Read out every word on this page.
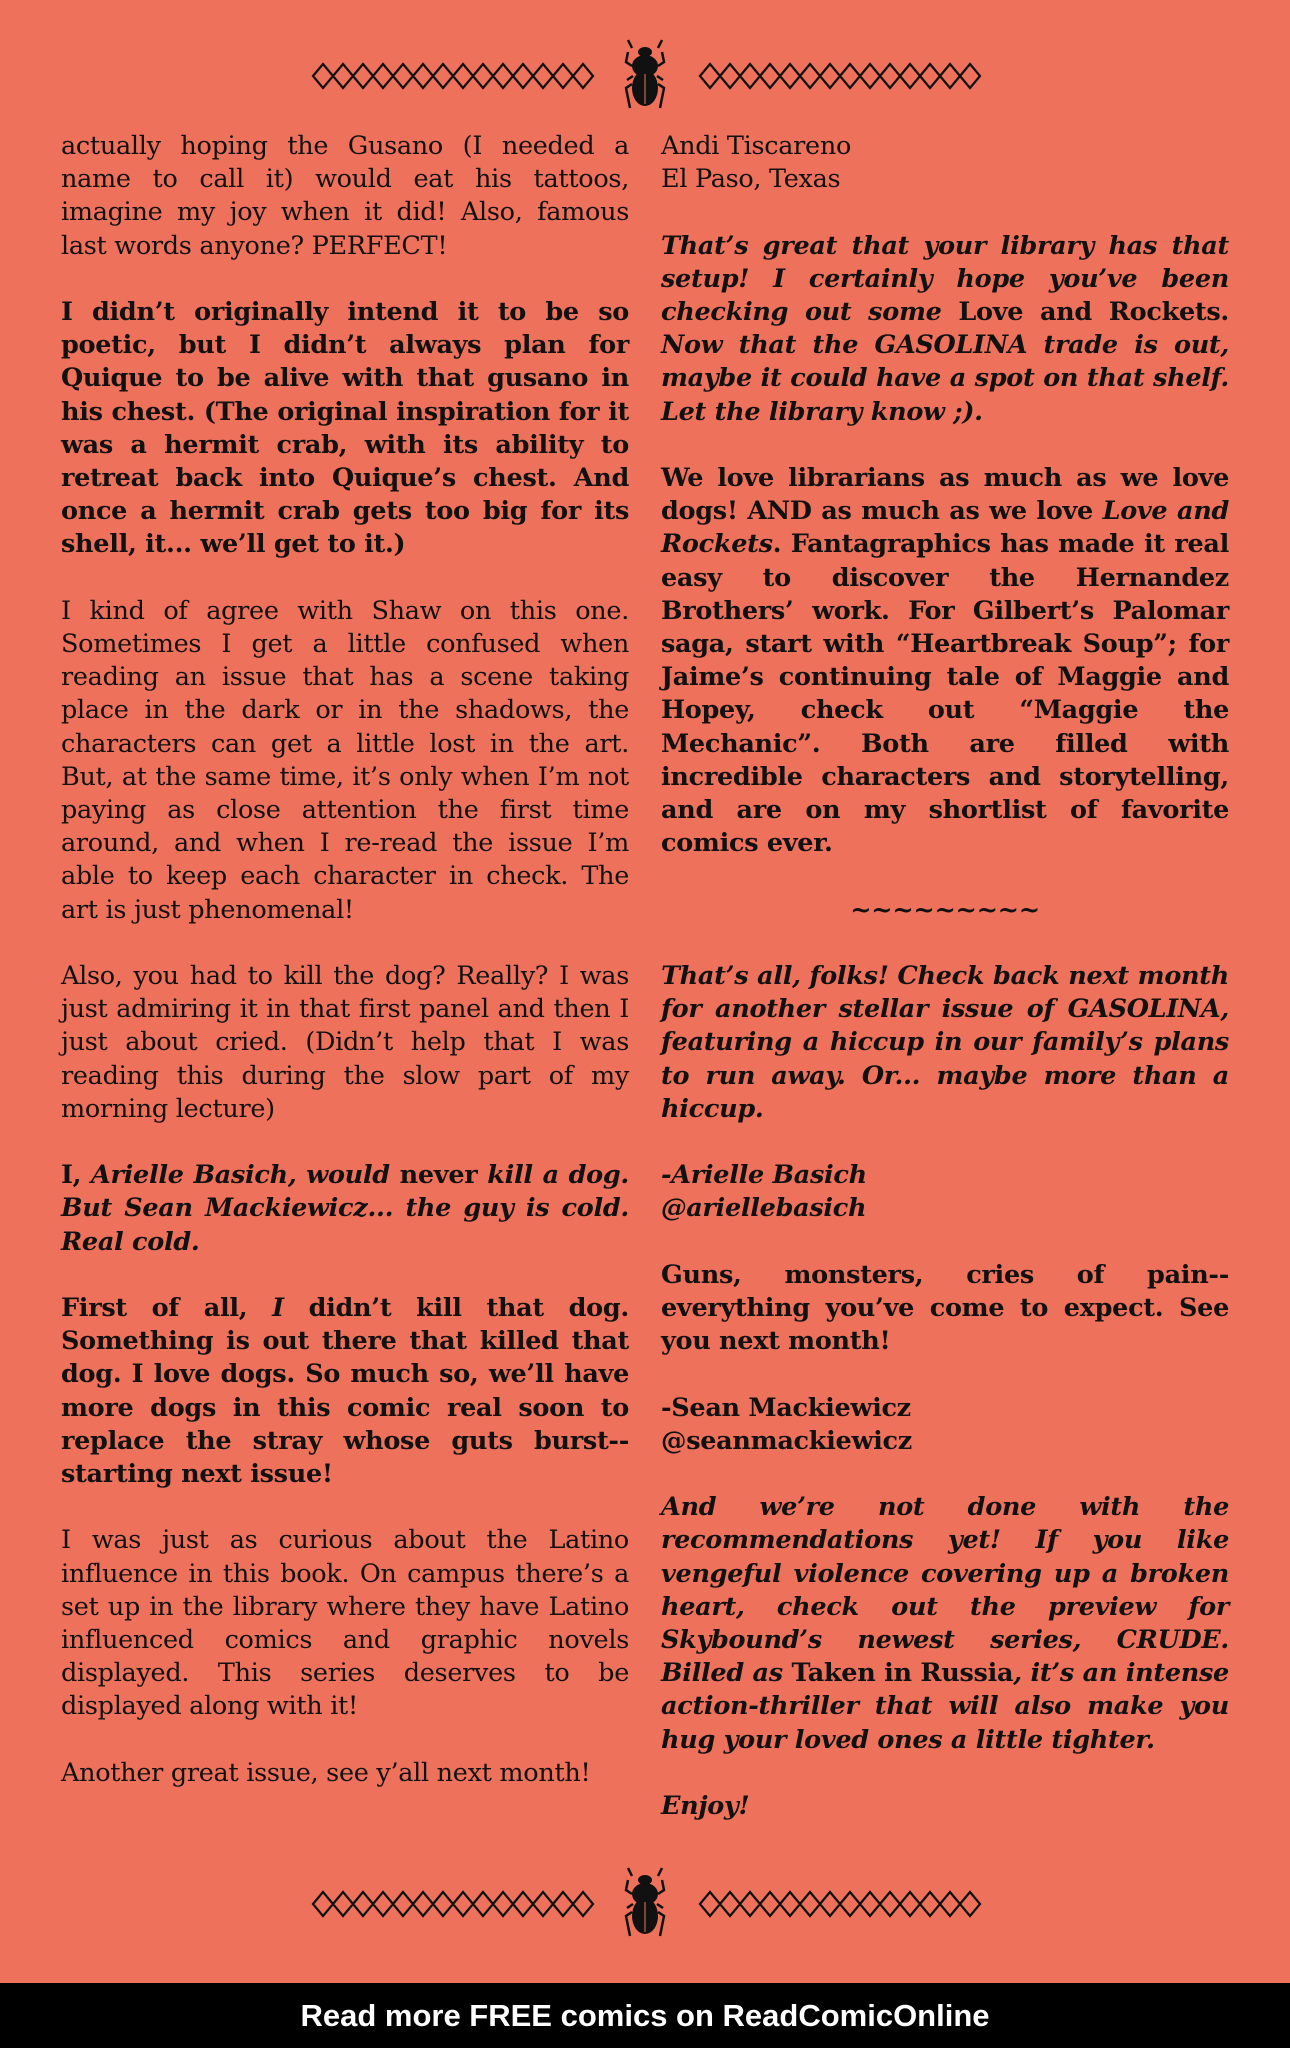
actually hoping the Gusano (I needed a name to call it) would eat his tattoos, imagine my joy when it did! Also, famous last words anyone? PERFECT!

I didn’t originally intend it to be so poetic, but I didn’t always plan for Quique to be alive with that gusano in his chest. (The original inspiration for it was a hermit crab, with its ability to retreat back into Quique’s chest. And once a hermit crab gets too big for its shell, it... we’ll get to it.)

I kind of agree with Shaw on this one. Sometimes I get a little confused when reading an issue that has a scene taking place in the dark or in the shadows, the characters can get a little lost in the art. But, at the same time, it’s only when I’m not paying as close attention the first time around, and when I re-read the issue I’m able to keep each character in check. The art is just phenomenal!

Also, you had to kill the dog? Really? I was just admiring it in that first panel and then I just about cried. (Didn’t help that I was reading this during the slow part of my morning lecture)

I, Arielle Basich, would never kill a dog. But Sean Mackiewicz... the guy is cold. Real cold.

First of all, I didn’t kill that dog. Something is out there that killed that dog. I love dogs. So much so, we’ll have more dogs in this comic real soon to replace the stray whose guts burst--starting next issue!

I was just as curious about the Latino influence in this book. On campus there’s a set up in the library where they have Latino influenced comics and graphic novels displayed. This series deserves to be displayed along with it!

Another great issue, see y’all next month!

Andi Tiscareno
El Paso, Texas

That’s great that your library has that setup! I certainly hope you’ve been checking out some Love and Rockets. Now that the GASOLINA trade is out, maybe it could have a spot on that shelf. Let the library know ;).

We love librarians as much as we love dogs! AND as much as we love Love and Rockets. Fantagraphics has made it real easy to discover the Hernandez Brothers’ work. For Gilbert’s Palomar saga, start with “Heartbreak Soup”; for Jaime’s continuing tale of Maggie and Hopey, check out “Maggie the Mechanic”. Both are filled with incredible characters and storytelling, and are on my shortlist of favorite comics ever.

~~~~~~~~~

That’s all, folks! Check back next month for another stellar issue of GASOLINA, featuring a hiccup in our family’s plans to run away. Or... maybe more than a hiccup.

-Arielle Basich
@ariellebasich

Guns, monsters, cries of pain--everything you’ve come to expect. See you next month!

-Sean Mackiewicz
@seanmackiewicz

And we’re not done with the recommendations yet! If you like vengeful violence covering up a broken heart, check out the preview for Skybound’s newest series, CRUDE. Billed as Taken in Russia, it’s an intense action-thriller that will also make you hug your loved ones a little tighter.

Enjoy!

Read more FREE comics on ReadComicOnline
